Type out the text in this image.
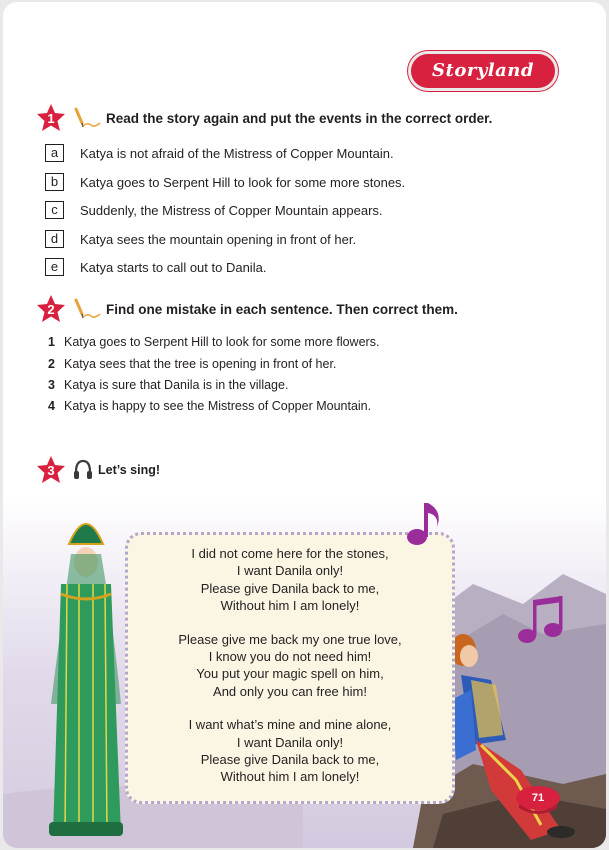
Storyland
1	Read the story again and put the events in the correct order.
a	Katya is not afraid of the Mistress of Copper Mountain.
b	Katya goes to Serpent Hill to look for some more stones.
c	Suddenly, the Mistress of Copper Mountain appears.
d	Katya sees the mountain opening in front of her.
e	Katya starts to call out to Danila.
2	Find one mistake in each sentence. Then correct them.
1 Katya goes to Serpent Hill to look for some more flowers.
2 Katya sees that the tree is opening in front of her.
3 Katya is sure that Danila is in the village.
4 Katya is happy to see the Mistress of Copper Mountain.
3	Let’s sing!
I did not come here for the stones,
I want Danila only!
Please give Danila back to me,
Without him I am lonely!
Please give me back my one true love,
I know you do not need him!
You put your magic spell on him,
And only you can free him!
I want what’s mine and mine alone,
I want Danila only!
Please give Danila back to me,
Without him I am lonely!
71
